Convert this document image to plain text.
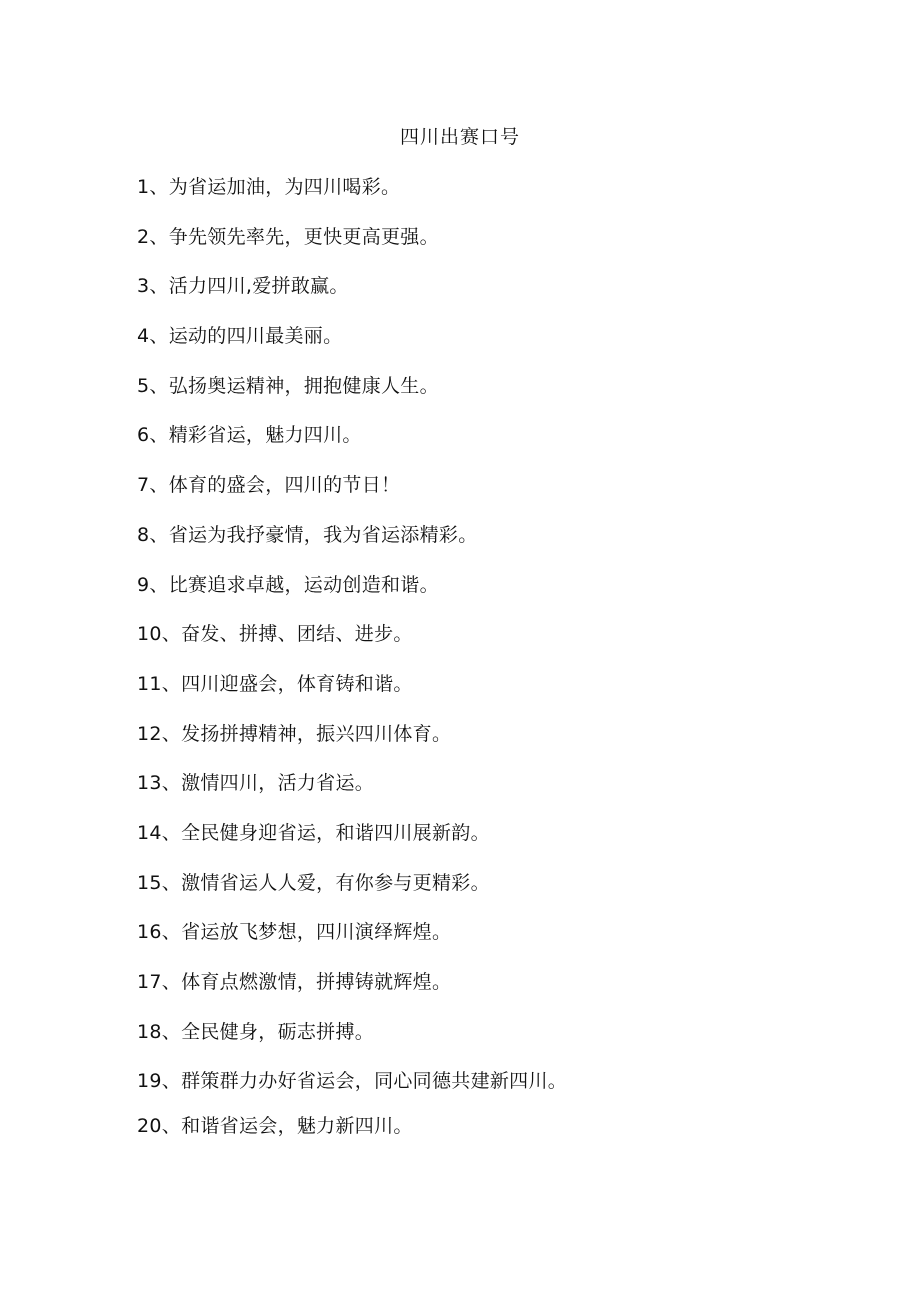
四川出赛口号
1、为省运加油，为四川喝彩。
2、争先领先率先，更快更高更强。
3、活力四川,爱拼敢赢。
4、运动的四川最美丽。
5、弘扬奥运精神，拥抱健康人生。
6、精彩省运，魅力四川。
7、体育的盛会，四川的节日！
8、省运为我抒豪情，我为省运添精彩。
9、比赛追求卓越，运动创造和谐。
10、奋发、拼搏、团结、进步。
11、四川迎盛会，体育铸和谐。
12、发扬拼搏精神，振兴四川体育。
13、激情四川，活力省运。
14、全民健身迎省运，和谐四川展新韵。
15、激情省运人人爱，有你参与更精彩。
16、省运放飞梦想，四川演绎辉煌。
17、体育点燃激情，拼搏铸就辉煌。
18、全民健身，砺志拼搏。
19、群策群力办好省运会，同心同德共建新四川。
20、和谐省运会，魅力新四川。
